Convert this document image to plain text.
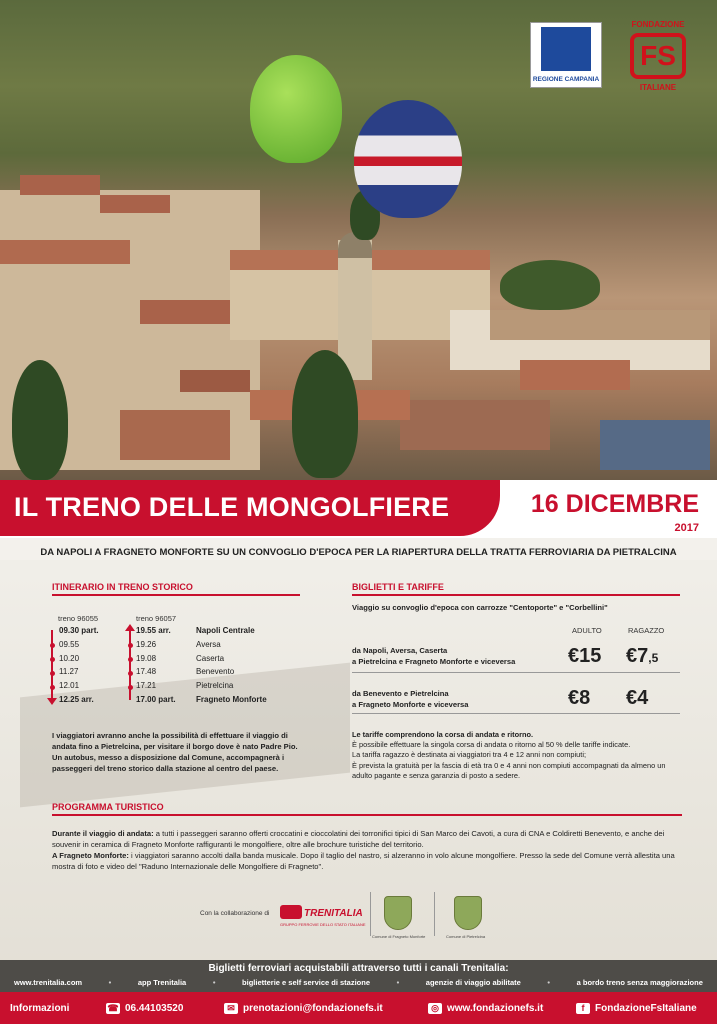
REGIONE CAMPANIA
FONDAZIONE
FS
ITALIANE
IL TRENO DELLE MONGOLFIERE	16 DICEMBRE
2017
DA NAPOLI A FRAGNETO MONFORTE SU UN CONVOGLIO D'EPOCA PER LA RIAPERTURA DELLA TRATTA FERROVIARIA DA PIETRALCINA
ITINERARIO IN TRENO STORICO
treno 96055	treno 96057
09.30 part.	19.55 arr.	Napoli Centrale
09.55	19.26	Aversa
10.20	19.08	Caserta
11.27	17.48	Benevento
12.01	17.21	Pietrelcina
12.25 arr.	17.00 part.	Fragneto Monforte
I viaggiatori avranno anche la possibilità di effettuare il viaggio di andata fino a Pietrelcina, per visitare il borgo dove è nato Padre Pio. Un autobus, messo a disposizione dal Comune, accompagnerà i passeggeri del treno storico dalla stazione al centro del paese.
BIGLIETTI E TARIFFE
Viaggio su convoglio d'epoca con carrozze "Centoporte" e "Corbellini"
ADULTO	RAGAZZO
da Napoli, Aversa, Caserta
a Pietrelcina e Fragneto Monforte e viceversa	€15 €7,5
da Benevento e Pietrelcina
a Fragneto Monforte e viceversa	€8 €4
Le tariffe comprendono la corsa di andata e ritorno.
È possibile effettuare la singola corsa di andata o ritorno al 50 % delle tariffe indicate.
La tariffa ragazzo è destinata ai viaggiatori tra 4 e 12 anni non compiuti;
È prevista la gratuità per la fascia di età tra 0 e 4 anni non compiuti accompagnati da almeno un adulto pagante e senza garanzia di posto a sedere.
PROGRAMMA TURISTICO
Durante il viaggio di andata: a tutti i passeggeri saranno offerti croccatini e cioccolatini dei torronifici tipici di San Marco dei Cavoti, a cura di CNA e Coldiretti Benevento, e anche dei souvenir in ceramica di Fragneto Monforte raffiguranti le mongolfiere, oltre alle brochure turistiche del territorio.
A Fragneto Monforte: i viaggiatori saranno accolti dalla banda musicale. Dopo il taglio del nastro, si alzeranno in volo alcune mongolfiere. Presso la sede del Comune verrà allestita una mostra di foto e video del "Raduno Internazionale delle Mongolfiere di Fragneto".
Con la collaborazione di	TRENITALIA
GRUPPO FERROVIE DELLO STATO ITALIANE
Comune di Fragneto Monforte	Comune di Pietrelcina
Biglietti ferroviari acquistabili attraverso tutti i canali Trenitalia:
www.trenitalia.com	•	app Trenitalia	•	biglietterie e self service di stazione	•	agenzie di viaggio abilitate	•	a bordo treno senza maggiorazione
Informazioni	☎ 06.44103520	✉ prenotazioni@fondazionefs.it	◎ www.fondazionefs.it	f	FondazioneFsItaliane
